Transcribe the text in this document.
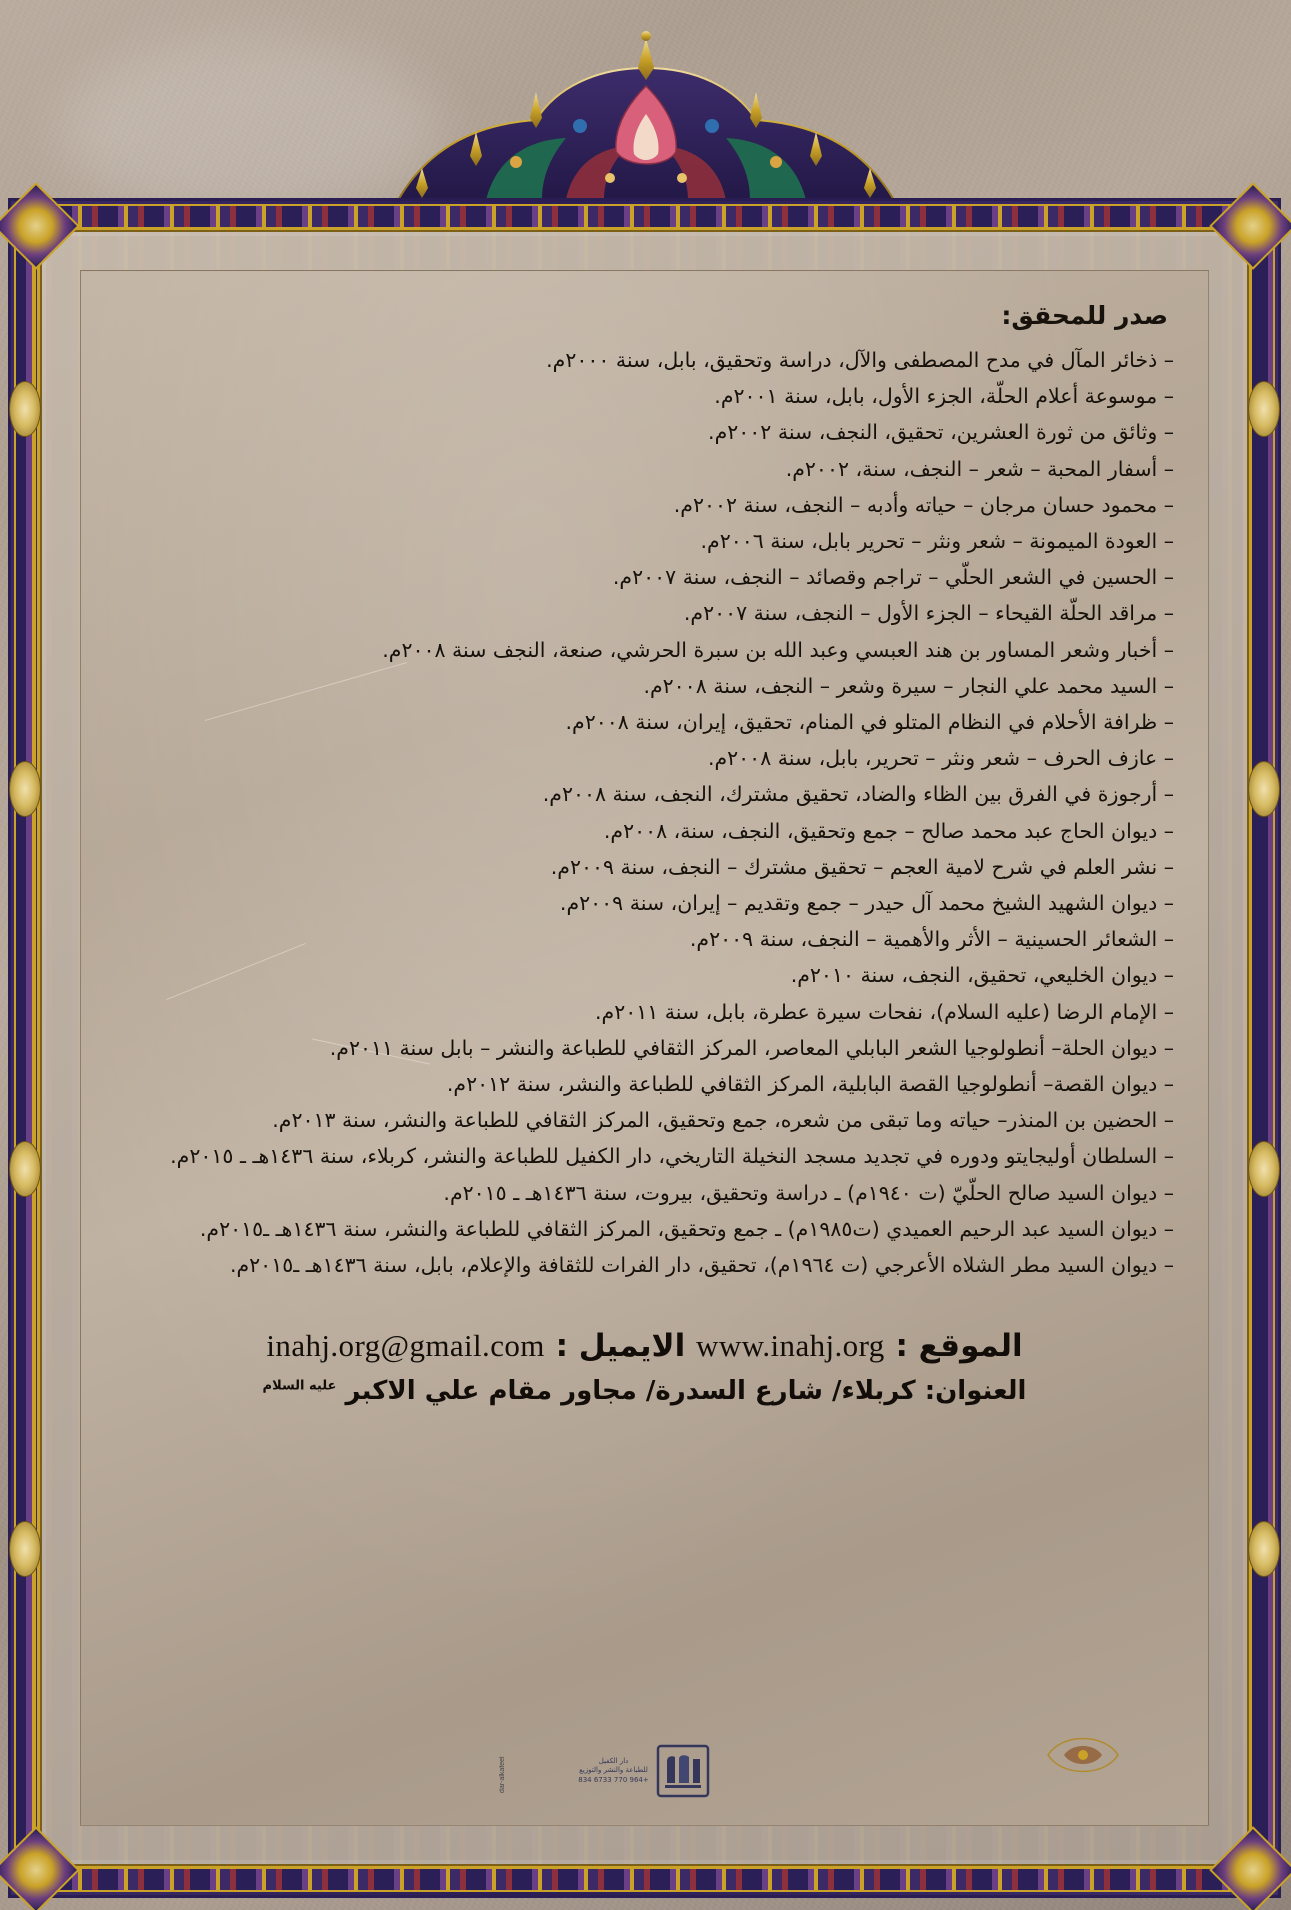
صدر للمحقق:
– ذخائر المآل في مدح المصطفى والآل، دراسة وتحقيق، بابل، سنة ٢٠٠٠م.
– موسوعة أعلام الحلّة، الجزء الأول، بابل، سنة ٢٠٠١م.
– وثائق من ثورة العشرين، تحقيق، النجف، سنة ٢٠٠٢م.
– أسفار المحبة – شعر – النجف، سنة، ٢٠٠٢م.
– محمود حسان مرجان – حياته وأدبه – النجف، سنة ٢٠٠٢م.
– العودة الميمونة – شعر ونثر – تحرير بابل، سنة ٢٠٠٦م.
– الحسين في الشعر الحلّي – تراجم وقصائد – النجف، سنة ٢٠٠٧م.
– مراقد الحلّة القيحاء – الجزء الأول – النجف، سنة ٢٠٠٧م.
– أخبار وشعر المساور بن هند العبسي وعبد الله بن سبرة الحرشي، صنعة، النجف سنة ٢٠٠٨م.
– السيد محمد علي النجار – سيرة وشعر – النجف، سنة ٢٠٠٨م.
– ظرافة الأحلام في النظام المتلو في المنام، تحقيق، إيران، سنة ٢٠٠٨م.
– عازف الحرف – شعر ونثر – تحرير، بابل، سنة ٢٠٠٨م.
– أرجوزة في الفرق بين الظاء والضاد، تحقيق مشترك، النجف، سنة ٢٠٠٨م.
– ديوان الحاج عبد محمد صالح – جمع وتحقيق، النجف، سنة، ٢٠٠٨م.
– نشر العلم في شرح لامية العجم – تحقيق مشترك – النجف، سنة ٢٠٠٩م.
– ديوان الشهيد الشيخ محمد آل حيدر – جمع وتقديم – إيران، سنة ٢٠٠٩م.
– الشعائر الحسينية – الأثر والأهمية – النجف، سنة ٢٠٠٩م.
– ديوان الخليعي، تحقيق، النجف، سنة ٢٠١٠م.
– الإمام الرضا (عليه السلام)، نفحات سيرة عطرة، بابل، سنة ٢٠١١م.
– ديوان الحلة– أنطولوجيا الشعر البابلي المعاصر، المركز الثقافي للطباعة والنشر – بابل سنة ٢٠١١م.
– ديوان القصة– أنطولوجيا القصة البابلية، المركز الثقافي للطباعة والنشر، سنة ٢٠١٢م.
– الحضين بن المنذر– حياته وما تبقى من شعره، جمع وتحقيق، المركز الثقافي للطباعة والنشر، سنة ٢٠١٣م.
– السلطان أوليجايتو ودوره في تجديد مسجد النخيلة التاريخي، دار الكفيل للطباعة والنشر، كربلاء، سنة ١٤٣٦هـ ـ ٢٠١٥م.
– ديوان السيد صالح الحلّيّ (ت ١٩٤٠م) ـ دراسة وتحقيق، بيروت، سنة ١٤٣٦هـ ـ ٢٠١٥م.
– ديوان السيد عبد الرحيم العميدي (ت١٩٨٥م) ـ جمع وتحقيق، المركز الثقافي للطباعة والنشر، سنة ١٤٣٦هـ ـ٢٠١٥م.
– ديوان السيد مطر الشلاه الأعرجي (ت ١٩٦٤م)، تحقيق، دار الفرات للثقافة والإعلام، بابل، سنة ١٤٣٦هـ ـ٢٠١٥م.
الموقع : www.inahj.org الايميل : inahj.org@gmail.com
العنوان: كربلاء/ شارع السدرة/ مجاور مقام علي الاكبر $^{عليه السلام}$
دار الكفيل
للطباعة والنشر والتوزيع
+964 770 6733 834
dar-alkafeel
